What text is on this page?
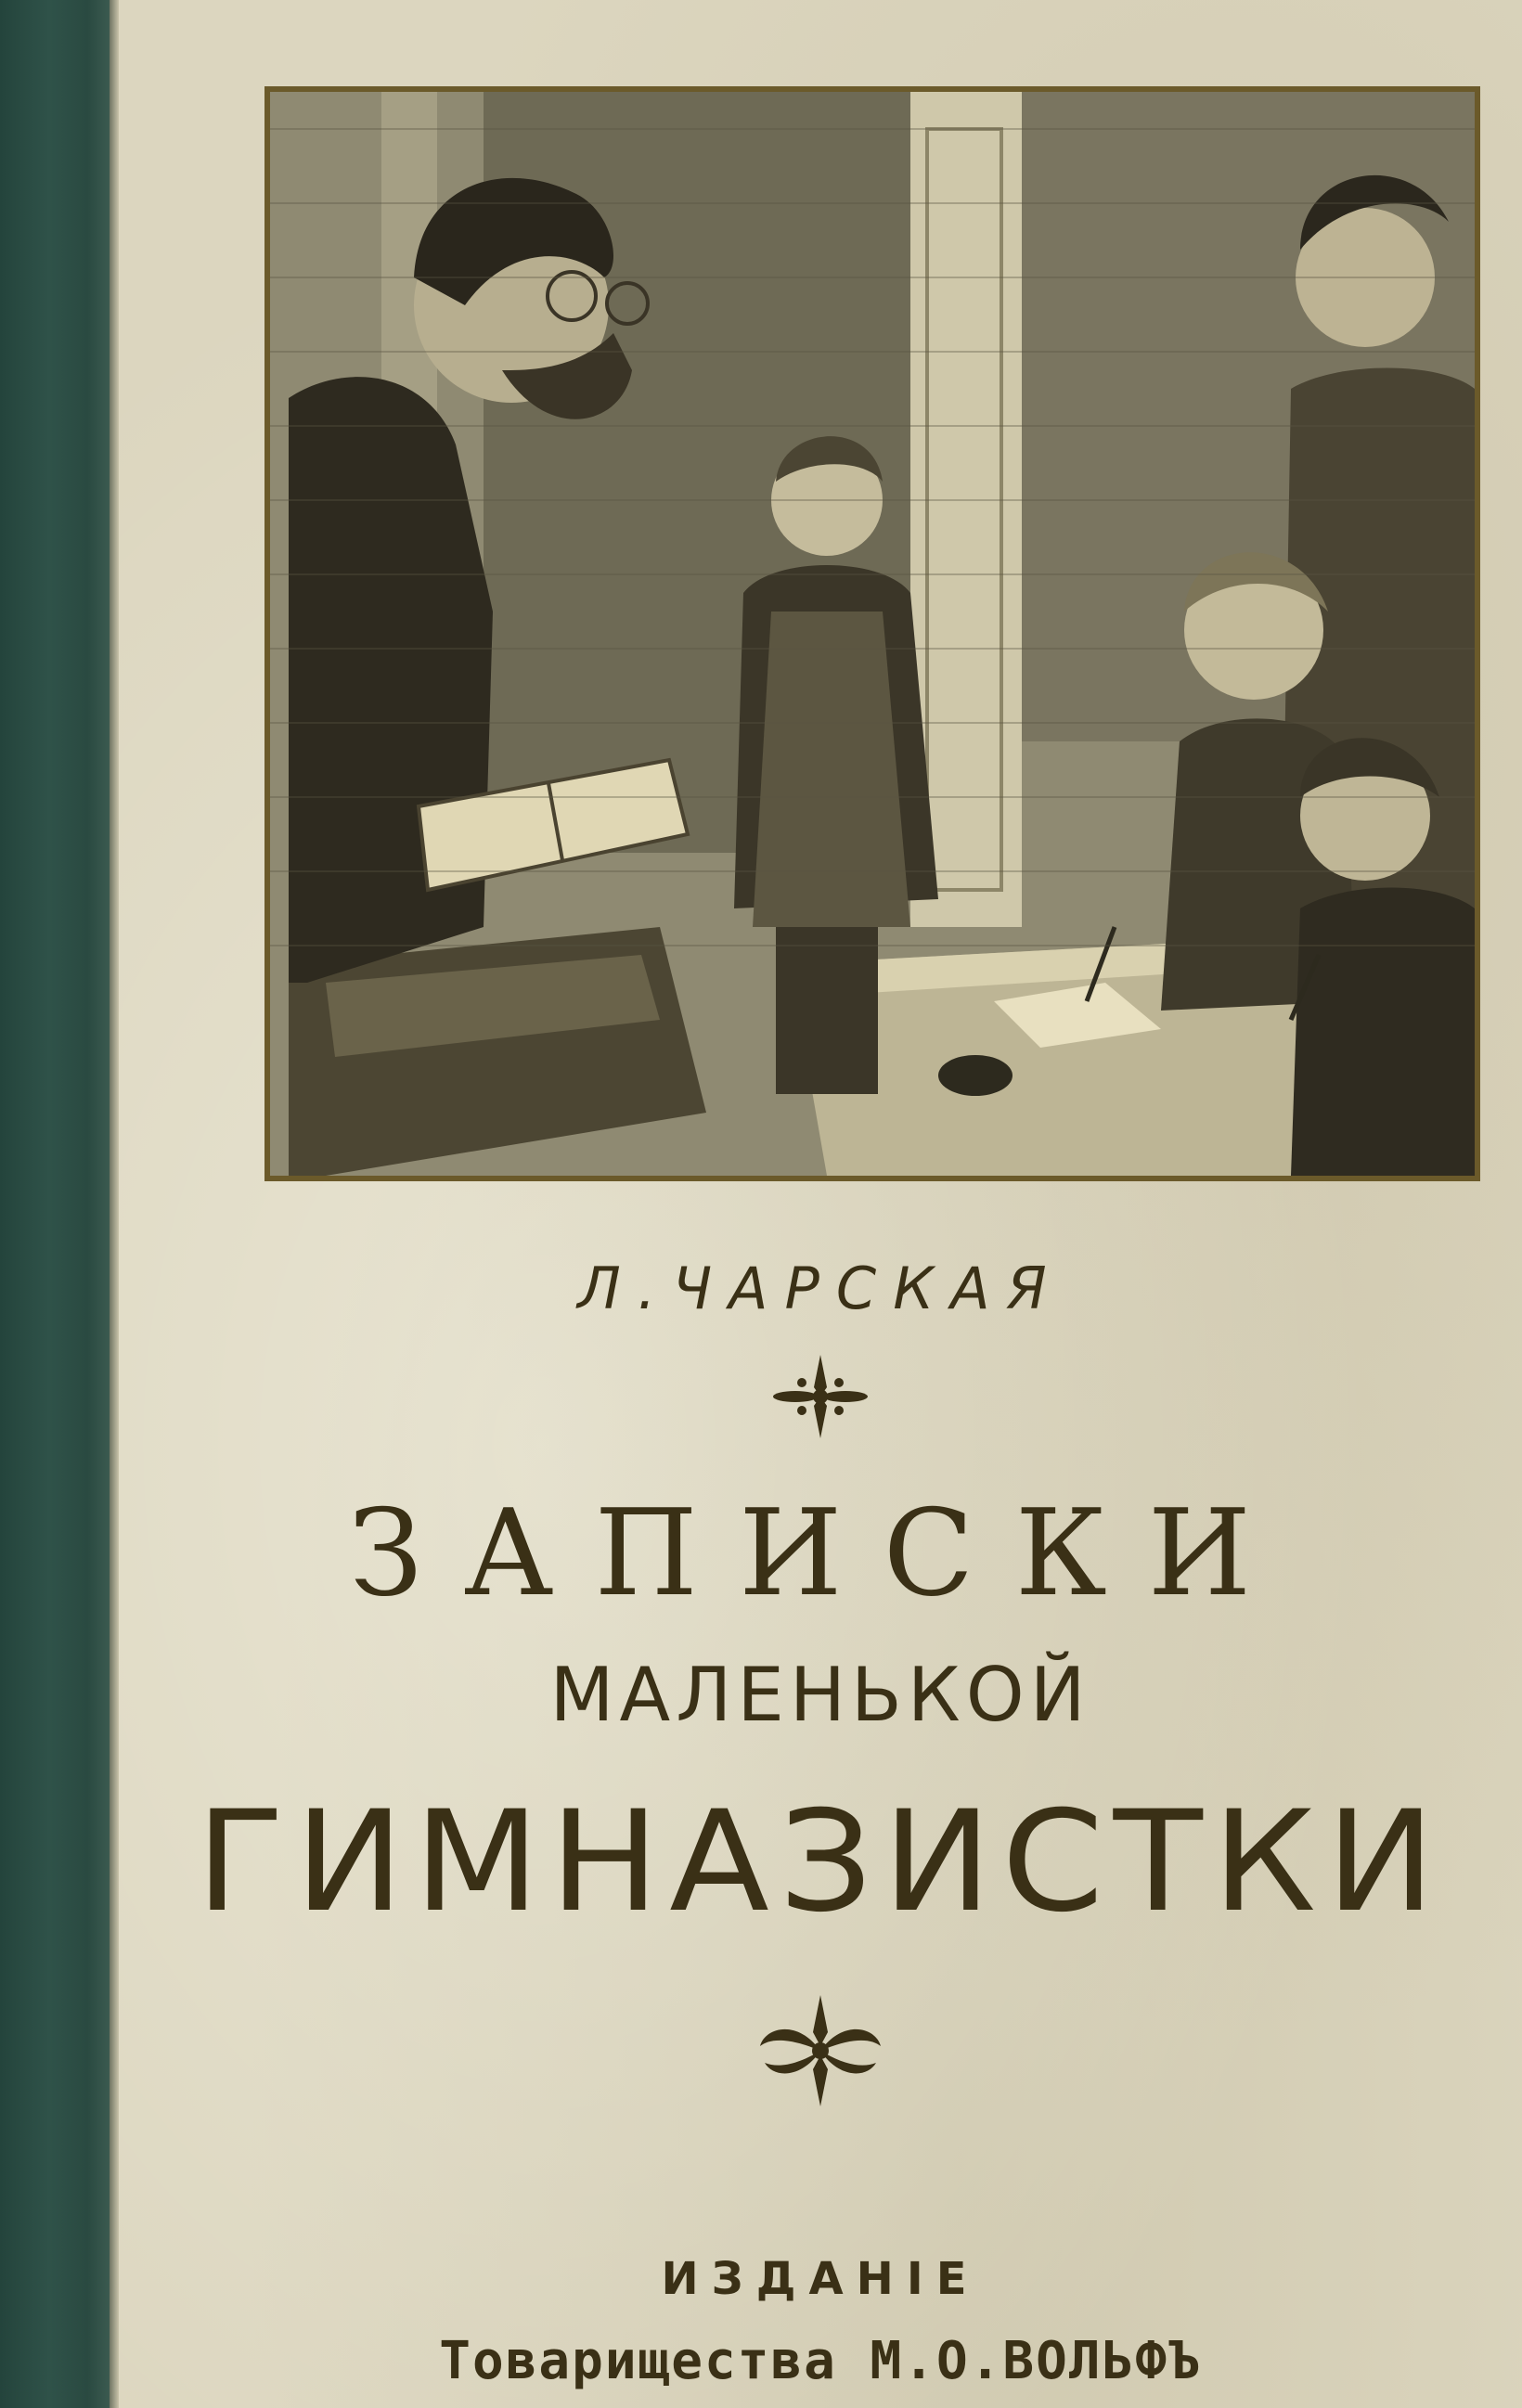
Л.ЧАРСКАЯ
ЗАПИСКИ
МАЛЕНЬКОЙ
ГИМНАЗИСТКИ
ИЗДАНІЕ
Товарищества М.О.ВОЛЬФЪ
